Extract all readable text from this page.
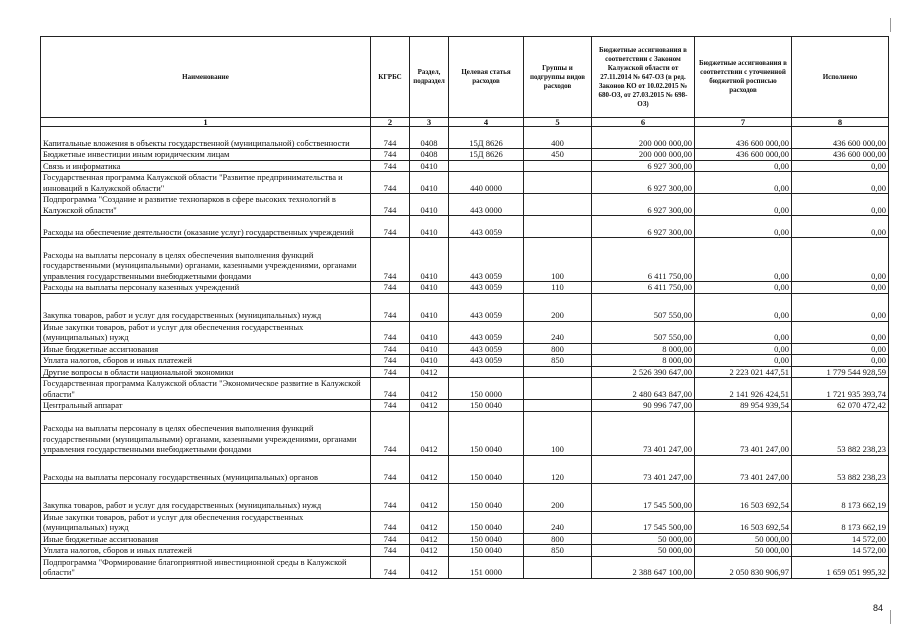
Наименование	КГРБС	Раздел, подраздел	Целевая статья расходов	Группы и подгруппы видов расходов	Бюджетные ассигнования в соответствии с Законом Калужской области от 27.11.2014 № 647-ОЗ (в ред. Законов КО от 10.02.2015 № 680-ОЗ, от 27.03.2015 № 698-ОЗ)	Бюджетные ассигнования в соответствии с уточненной бюджетной росписью расходов	Исполнено
1	2	3	4	5	6	7	8
Капитальные вложения в объекты государственной (муниципальной) собственности	744	0408	15Д 8626	400	200 000 000,00	436 600 000,00	436 600 000,00
Бюджетные инвестиции иным юридическим лицам	744	0408	15Д 8626	450	200 000 000,00	436 600 000,00	436 600 000,00
Связь и информатика	744	0410			6 927 300,00	0,00	0,00
Государственная программа Калужской области "Развитие предпринимательства и инноваций в Калужской области"	744	0410	440 0000		6 927 300,00	0,00	0,00
Подпрограмма "Создание и развитие технопарков в сфере высоких технологий в Калужской области"	744	0410	443 0000		6 927 300,00	0,00	0,00
Расходы на обеспечение деятельности (оказание услуг) государственных учреждений	744	0410	443 0059		6 927 300,00	0,00	0,00
Расходы на выплаты персоналу в целях обеспечения выполнения функций государственными (муниципальными) органами, казенными учреждениями, органами управления государственными внебюджетными фондами	744	0410	443 0059	100	6 411 750,00	0,00	0,00
Расходы на выплаты персоналу казенных учреждений	744	0410	443 0059	110	6 411 750,00	0,00	0,00
Закупка товаров, работ и услуг для государственных (муниципальных) нужд	744	0410	443 0059	200	507 550,00	0,00	0,00
Иные закупки товаров, работ и услуг для обеспечения государственных (муниципальных) нужд	744	0410	443 0059	240	507 550,00	0,00	0,00
Иные бюджетные ассигнования	744	0410	443 0059	800	8 000,00	0,00	0,00
Уплата налогов, сборов и иных платежей	744	0410	443 0059	850	8 000,00	0,00	0,00
Другие вопросы в области национальной экономики	744	0412			2 526 390 647,00	2 223 021 447,51	1 779 544 928,59
Государственная программа Калужской области "Экономическое развитие в Калужской области"	744	0412	150 0000		2 480 643 847,00	2 141 926 424,51	1 721 935 393,74
Центральный аппарат	744	0412	150 0040		90 996 747,00	89 954 939,54	62 070 472,42
Расходы на выплаты персоналу в целях обеспечения выполнения функций государственными (муниципальными) органами, казенными учреждениями, органами управления государственными внебюджетными фондами	744	0412	150 0040	100	73 401 247,00	73 401 247,00	53 882 238,23
Расходы на выплаты персоналу государственных (муниципальных) органов	744	0412	150 0040	120	73 401 247,00	73 401 247,00	53 882 238,23
Закупка товаров, работ и услуг для государственных (муниципальных) нужд	744	0412	150 0040	200	17 545 500,00	16 503 692,54	8 173 662,19
Иные закупки товаров, работ и услуг для обеспечения государственных (муниципальных) нужд	744	0412	150 0040	240	17 545 500,00	16 503 692,54	8 173 662,19
Иные бюджетные ассигнования	744	0412	150 0040	800	50 000,00	50 000,00	14 572,00
Уплата налогов, сборов и иных платежей	744	0412	150 0040	850	50 000,00	50 000,00	14 572,00
Подпрограмма "Формирование благоприятной инвестиционной среды в Калужской области"	744	0412	151 0000		2 388 647 100,00	2 050 830 906,97	1 659 051 995,32
84
